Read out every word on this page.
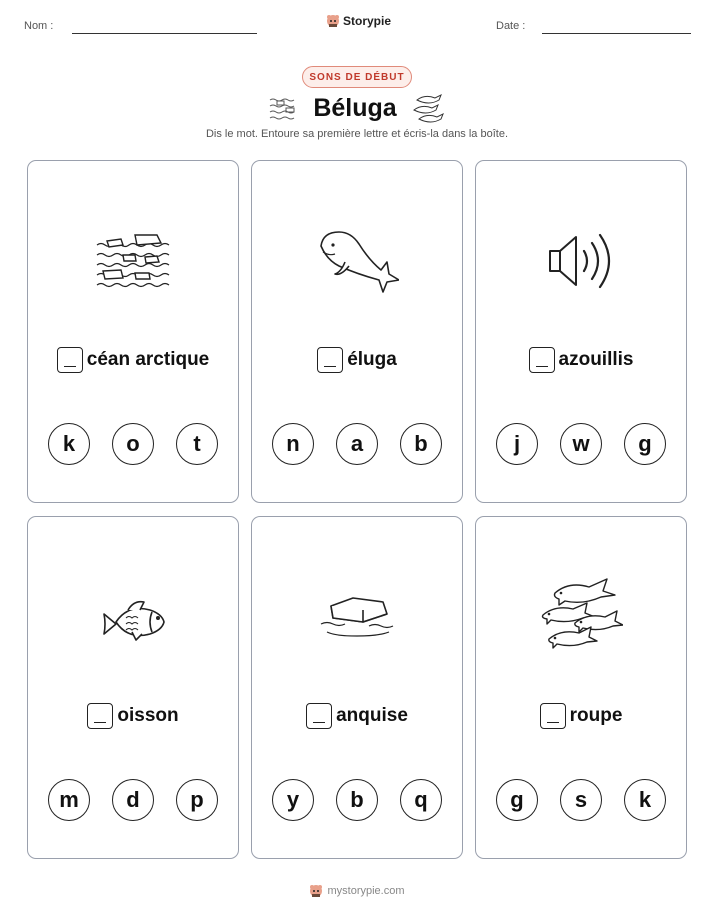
Nom :	Storypie	Date :
SONS DE DÉBUT
Béluga
Dis le mot. Entoure sa première lettre et écris-la dans la boîte.
céan arctique
k	o	t
éluga
n	a	b
azouillis
j	w	g
oisson
m	d	p
anquise
y	b	q
roupe
g	s	k
mystorypie.com
